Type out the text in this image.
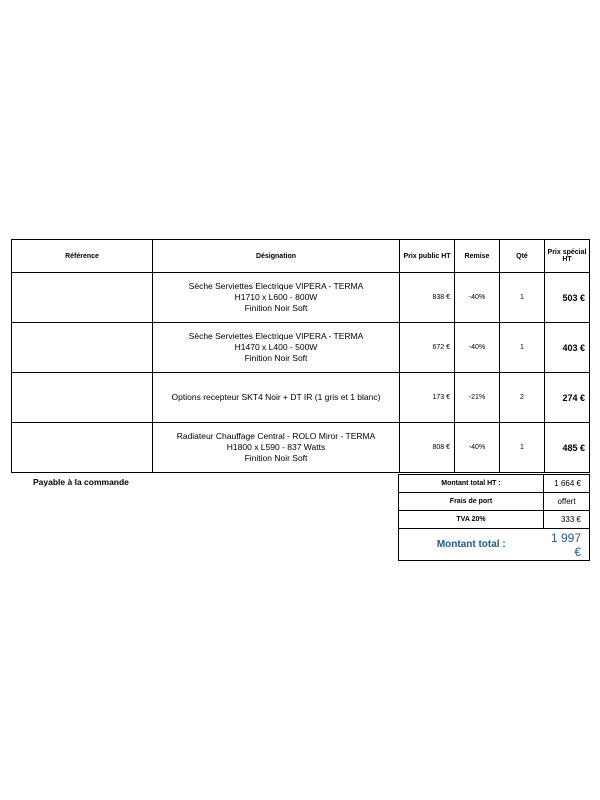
Référence	Désignation	Prix public HT	Remise	Qté	Prix spécial HT

	Sèche Serviettes Electrique VIPERA - TERMA
H1710 x L600 - 800W
Finition Noir Soft	838 €	-40%	1	503 €

	Sèche Serviettes Electrique VIPERA - TERMA
H1470 x L400 - 500W
Finition Noir Soft	672 €	-40%	1	403 €

	Options recepteur SKT4 Noir + DT IR (1 gris et 1 blanc)	173 €	-21%	2	274 €

	Radiateur Chauffage Central - ROLO Miror - TERMA
H1800 x L590 - 837 Watts
Finition Noir Soft	808 €	-40%	1	485 €
Payable à la commande	Montant total HT :	1 664 €
Frais de port	offert
TVA 20%	333 €
Montant total :	1 997 €
